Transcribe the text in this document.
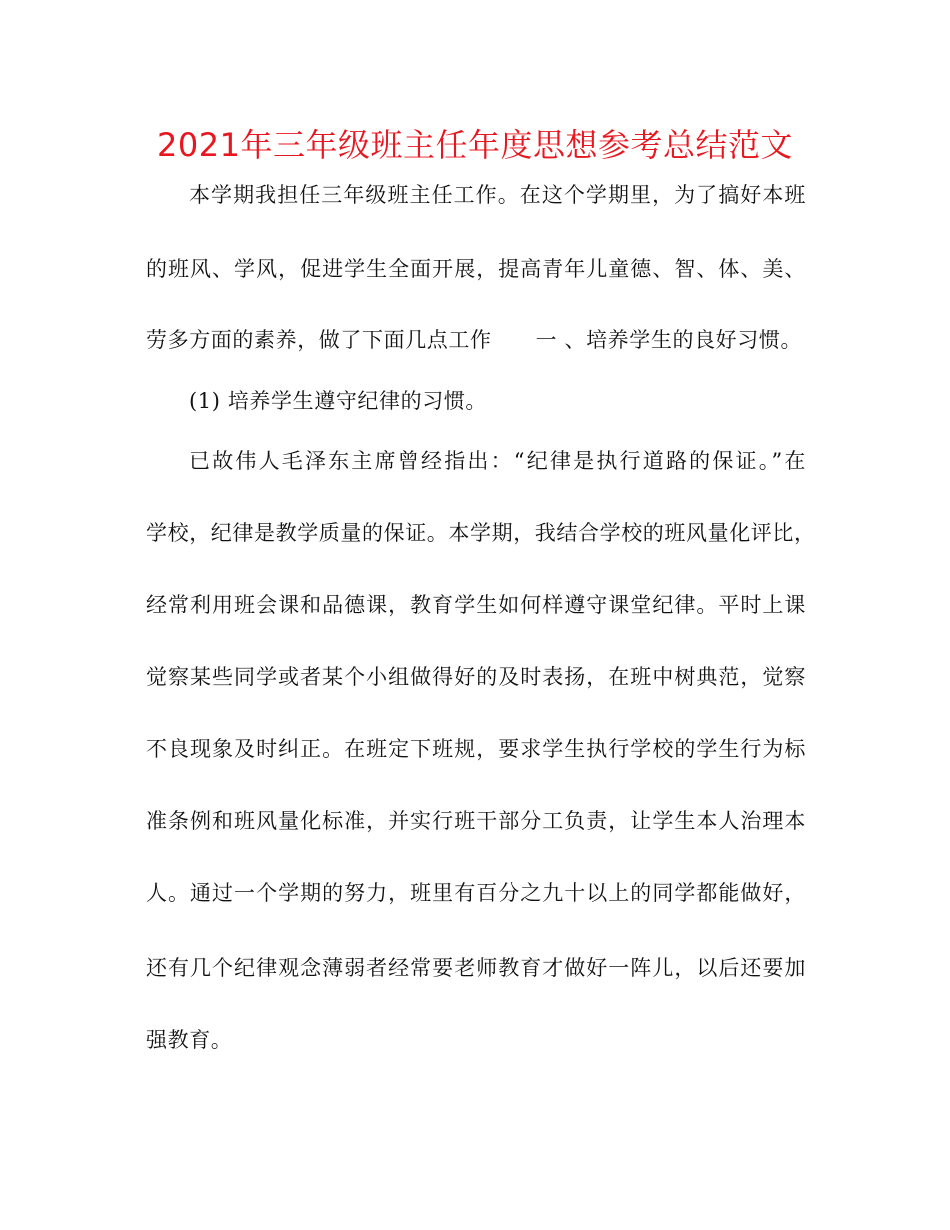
2021年三年级班主任年度思想参考总结范文
本学期我担任三年级班主任工作。在这个学期里，为了搞好本班
的班风、学风，促进学生全面开展，提高青年儿童德、智、体、美、
劳多方面的素养，做了下面几点工作 一 、培养学生的良好习惯。
(1) 培养学生遵守纪律的习惯。
已故伟人毛泽东主席曾经指出：“纪律是执行道路的保证。”在
学校，纪律是教学质量的保证。本学期，我结合学校的班风量化评比，
经常利用班会课和品德课，教育学生如何样遵守课堂纪律。平时上课
觉察某些同学或者某个小组做得好的及时表扬，在班中树典范，觉察
不良现象及时纠正。在班定下班规，要求学生执行学校的学生行为标
准条例和班风量化标准，并实行班干部分工负责，让学生本人治理本
人。通过一个学期的努力，班里有百分之九十以上的同学都能做好，
还有几个纪律观念薄弱者经常要老师教育才做好一阵儿，以后还要加
强教育。
